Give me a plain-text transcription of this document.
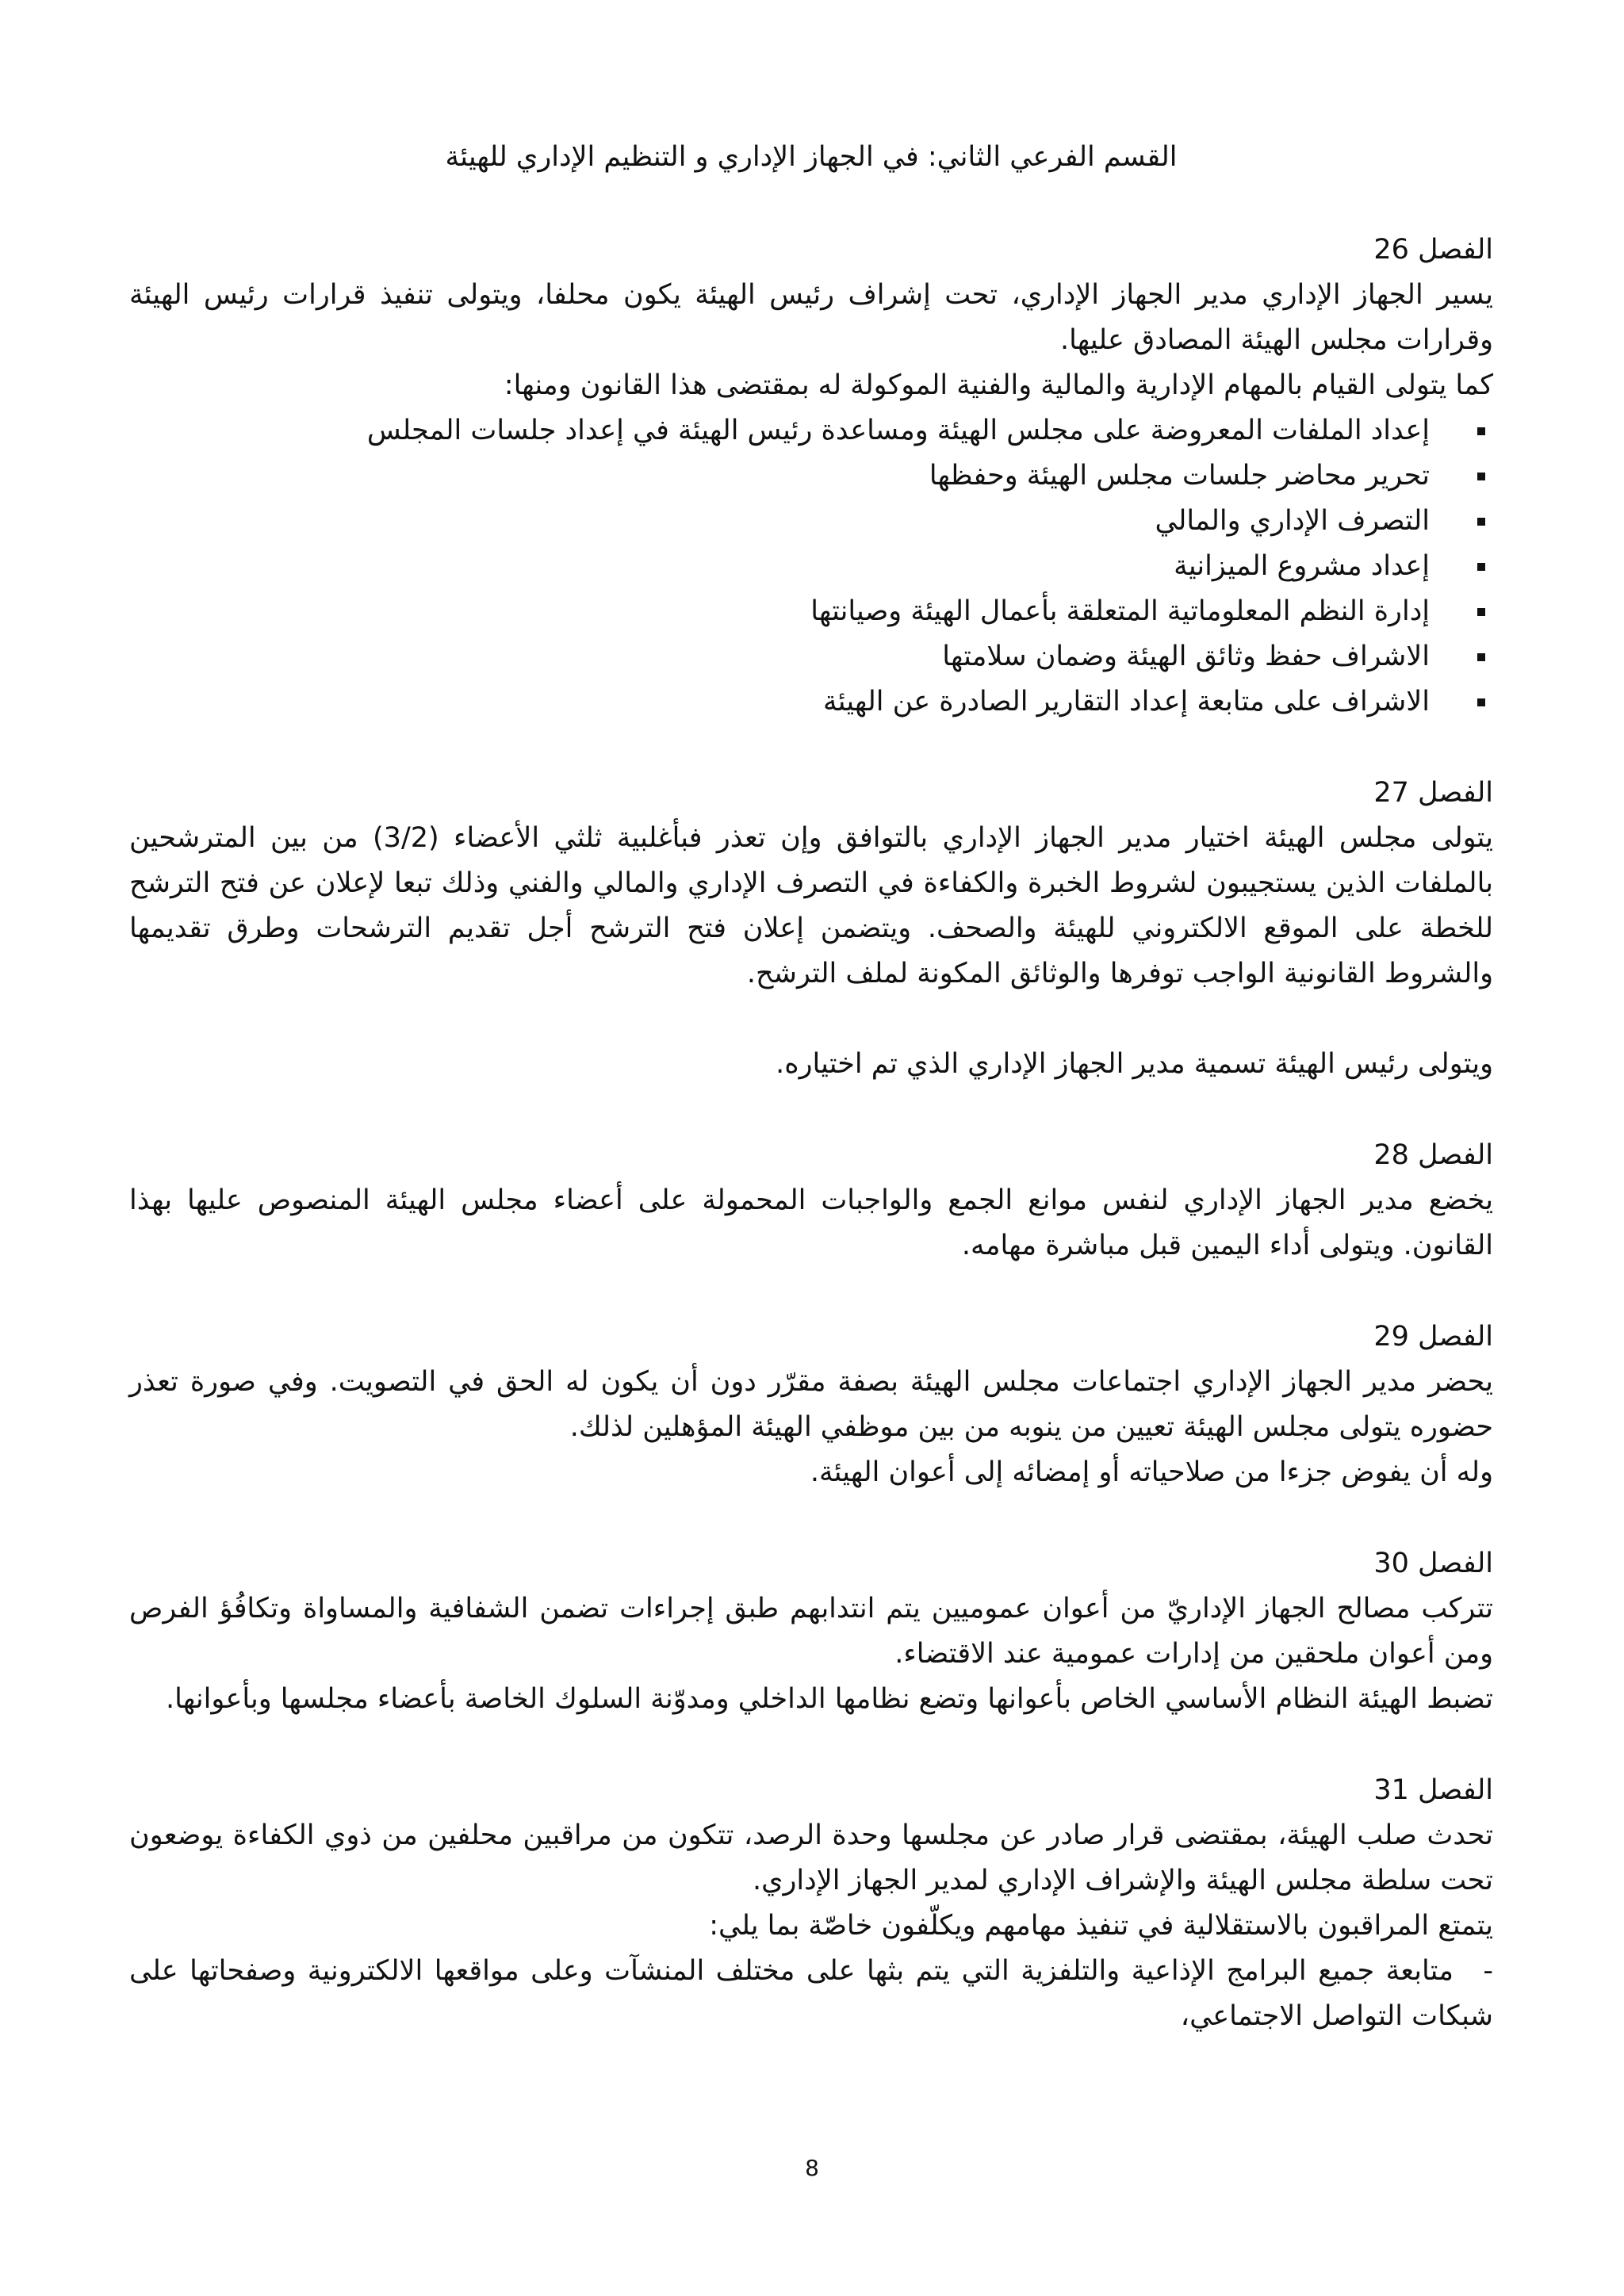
القسم الفرعي الثاني: في الجهاز الإداري و التنظيم الإداري للهيئة

الفصل 26

يسير الجهاز الإداري مدير الجهاز الإداري، تحت إشراف رئيس الهيئة يكون محلفا، ويتولى تنفيذ قرارات رئيس الهيئة وقرارات مجلس الهيئة المصادق عليها.

كما يتولى القيام بالمهام الإدارية والمالية والفنية الموكولة له بمقتضى هذا القانون ومنها:

إعداد الملفات المعروضة على مجلس الهيئة ومساعدة رئيس الهيئة في إعداد جلسات المجلس
تحرير محاضر جلسات مجلس الهيئة وحفظها
التصرف الإداري والمالي
إعداد مشروع الميزانية
إدارة النظم المعلوماتية المتعلقة بأعمال الهيئة وصيانتها
الاشراف حفظ وثائق الهيئة وضمان سلامتها
الاشراف على متابعة إعداد التقارير الصادرة عن الهيئة

الفصل 27

يتولى مجلس الهيئة اختيار مدير الجهاز الإداري بالتوافق وإن تعذر فبأغلبية ثلثي الأعضاء (3/2) من بين المترشحين بالملفات الذين يستجيبون لشروط الخبرة والكفاءة في التصرف الإداري والمالي والفني وذلك تبعا لإعلان عن فتح الترشح للخطة على الموقع الالكتروني للهيئة والصحف. ويتضمن إعلان فتح الترشح أجل تقديم الترشحات وطرق تقديمها والشروط القانونية الواجب توفرها والوثائق المكونة لملف الترشح.

ويتولى رئيس الهيئة تسمية مدير الجهاز الإداري الذي تم اختياره.

الفصل 28

يخضع مدير الجهاز الإداري لنفس موانع الجمع والواجبات المحمولة على أعضاء مجلس الهيئة المنصوص عليها بهذا القانون. ويتولى أداء اليمين قبل مباشرة مهامه.

الفصل 29

يحضر مدير الجهاز الإداري اجتماعات مجلس الهيئة بصفة مقرّر دون أن يكون له الحق في التصويت. وفي صورة تعذر حضوره يتولى مجلس الهيئة تعيين من ينوبه من بين موظفي الهيئة المؤهلين لذلك.

وله أن يفوض جزءا من صلاحياته أو إمضائه إلى أعوان الهيئة.

الفصل 30

تتركب مصالح الجهاز الإداريّ من أعوان عموميين يتم انتدابهم طبق إجراءات تضمن الشفافية والمساواة وتكافُؤ الفرص ومن أعوان ملحقين من إدارات عمومية عند الاقتضاء.

تضبط الهيئة النظام الأساسي الخاص بأعوانها وتضع نظامها الداخلي ومدوّنة السلوك الخاصة بأعضاء مجلسها وبأعوانها.

الفصل 31

تحدث صلب الهيئة، بمقتضى قرار صادر عن مجلسها وحدة الرصد، تتكون من مراقبين محلفين من ذوي الكفاءة يوضعون تحت سلطة مجلس الهيئة والإشراف الإداري لمدير الجهاز الإداري.

يتمتع المراقبون بالاستقلالية في تنفيذ مهامهم ويكلّفون خاصّة بما يلي:

-متابعة جميع البرامج الإذاعية والتلفزية التي يتم بثها على مختلف المنشآت وعلى مواقعها الالكترونية وصفحاتها على شبكات التواصل الاجتماعي،

8
